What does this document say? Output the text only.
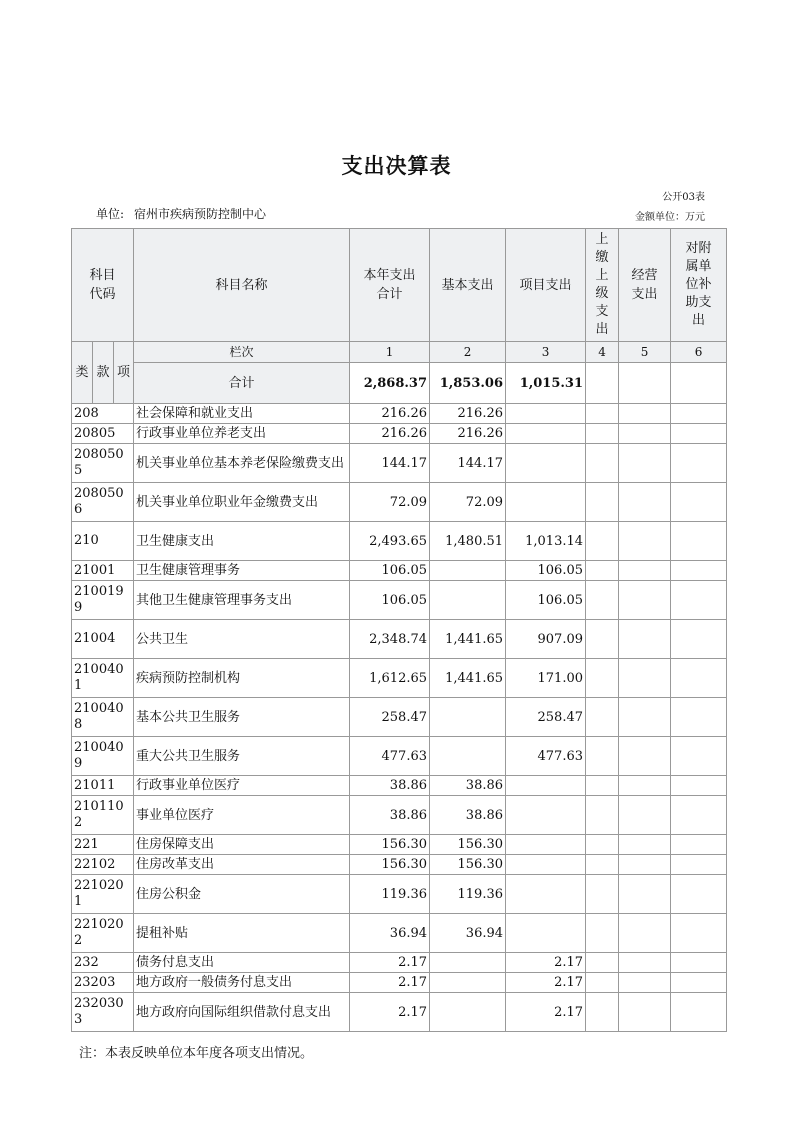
支出决算表
公开03表
单位: 宿州市疾病预防控制中心	金额单位：万元
科目代码			科目名称	本年支出合计	基本支出	项目支出	上缴上级支出	经营支出	对附属单位补助支出
类	款	项	栏次	1	2	3	4	5	6
			合计	2,868.37	1,853.06	1,015.31			
208			社会保障和就业支出	216.26	216.26				
20805			行政事业单位养老支出	216.26	216.26				
2080505			机关事业单位基本养老保险缴费支出	144.17	144.17				
2080506			机关事业单位职业年金缴费支出	72.09	72.09				
210			卫生健康支出	2,493.65	1,480.51	1,013.14			
21001			卫生健康管理事务	106.05		106.05			
2100199			其他卫生健康管理事务支出	106.05		106.05			
21004			公共卫生	2,348.74	1,441.65	907.09			
2100401			疾病预防控制机构	1,612.65	1,441.65	171.00			
2100408			基本公共卫生服务	258.47		258.47			
2100409			重大公共卫生服务	477.63		477.63			
21011			行政事业单位医疗	38.86	38.86				
2101102			事业单位医疗	38.86	38.86				
221			住房保障支出	156.30	156.30				
22102			住房改革支出	156.30	156.30				
2210201			住房公积金	119.36	119.36				
2210202			提租补贴	36.94	36.94				
232			债务付息支出	2.17		2.17			
23203			地方政府一般债务付息支出	2.17		2.17			
2320303			地方政府向国际组织借款付息支出	2.17		2.17			
注：本表反映单位本年度各项支出情况。
